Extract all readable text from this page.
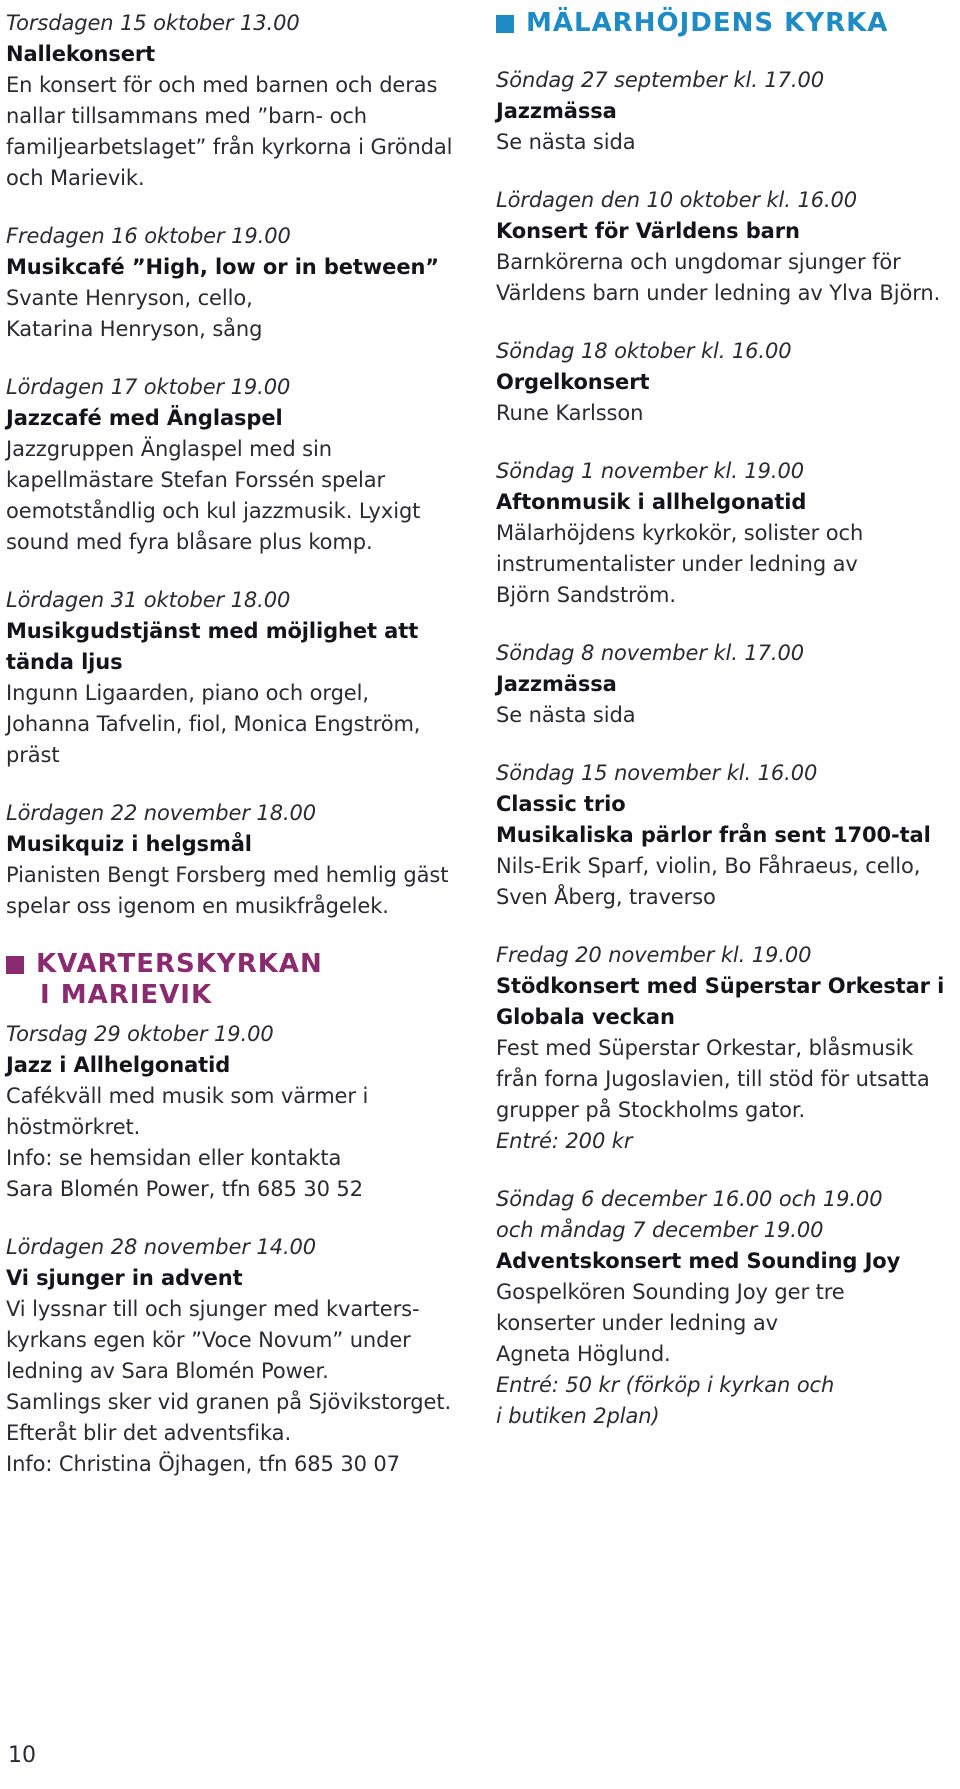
Torsdagen 15 oktober 13.00

Nallekonsert

En konsert för och med barnen och deras

nallar tillsammans med ”barn- och

familjearbetslaget” från kyrkorna i Gröndal

och Marievik.

Fredagen 16 oktober 19.00

Musikcafé ”High, low or in between”

Svante Henryson, cello,

Katarina Henryson, sång

Lördagen 17 oktober 19.00

Jazzcafé med Änglaspel

Jazzgruppen Änglaspel med sin

kapellmästare Stefan Forssén spelar

oemotståndlig och kul jazzmusik. Lyxigt

sound med fyra blåsare plus komp.

Lördagen 31 oktober 18.00

Musikgudstjänst med möjlighet att

tända ljus

Ingunn Ligaarden, piano och orgel,

Johanna Tafvelin, fiol, Monica Engström,

präst

Lördagen 22 november 18.00

Musikquiz i helgsmål

Pianisten Bengt Forsberg med hemlig gäst

spelar oss igenom en musikfrågelek.

KVARTERSKYRKAN

I MARIEVIK

Torsdag 29 oktober 19.00

Jazz i Allhelgonatid

Cafékväll med musik som värmer i

höstmörkret.

Info: se hemsidan eller kontakta

Sara Blomén Power, tfn 685 30 52

Lördagen 28 november 14.00

Vi sjunger in advent

Vi lyssnar till och sjunger med kvarters-

kyrkans egen kör ”Voce Novum” under

ledning av Sara Blomén Power.

Samlings sker vid granen på Sjövikstorget.

Efteråt blir det adventsfika.

Info: Christina Öjhagen, tfn 685 30 07

MÄLARHÖJDENS KYRKA

Söndag 27 september kl. 17.00

Jazzmässa

Se nästa sida

Lördagen den 10 oktober kl. 16.00

Konsert för Världens barn

Barnkörerna och ungdomar sjunger för

Världens barn under ledning av Ylva Björn.

Söndag 18 oktober kl. 16.00

Orgelkonsert

Rune Karlsson

Söndag 1 november kl. 19.00

Aftonmusik i allhelgonatid

Mälarhöjdens kyrkokör, solister och

instrumentalister under ledning av

Björn Sandström.

Söndag 8 november kl. 17.00

Jazzmässa

Se nästa sida

Söndag 15 november kl. 16.00

Classic trio

Musikaliska pärlor från sent 1700-tal

Nils-Erik Sparf, violin, Bo Fåhraeus, cello,

Sven Åberg, traverso

Fredag 20 november kl. 19.00

Stödkonsert med Süperstar Orkestar i

Globala veckan

Fest med Süperstar Orkestar, blåsmusik

från forna Jugoslavien, till stöd för utsatta

grupper på Stockholms gator.

Entré: 200 kr

Söndag 6 december 16.00 och 19.00

och måndag 7 december 19.00

Adventskonsert med Sounding Joy

Gospelkören Sounding Joy ger tre

konserter under ledning av

Agneta Höglund.

Entré: 50 kr (förköp i kyrkan och

i butiken 2plan)

10
